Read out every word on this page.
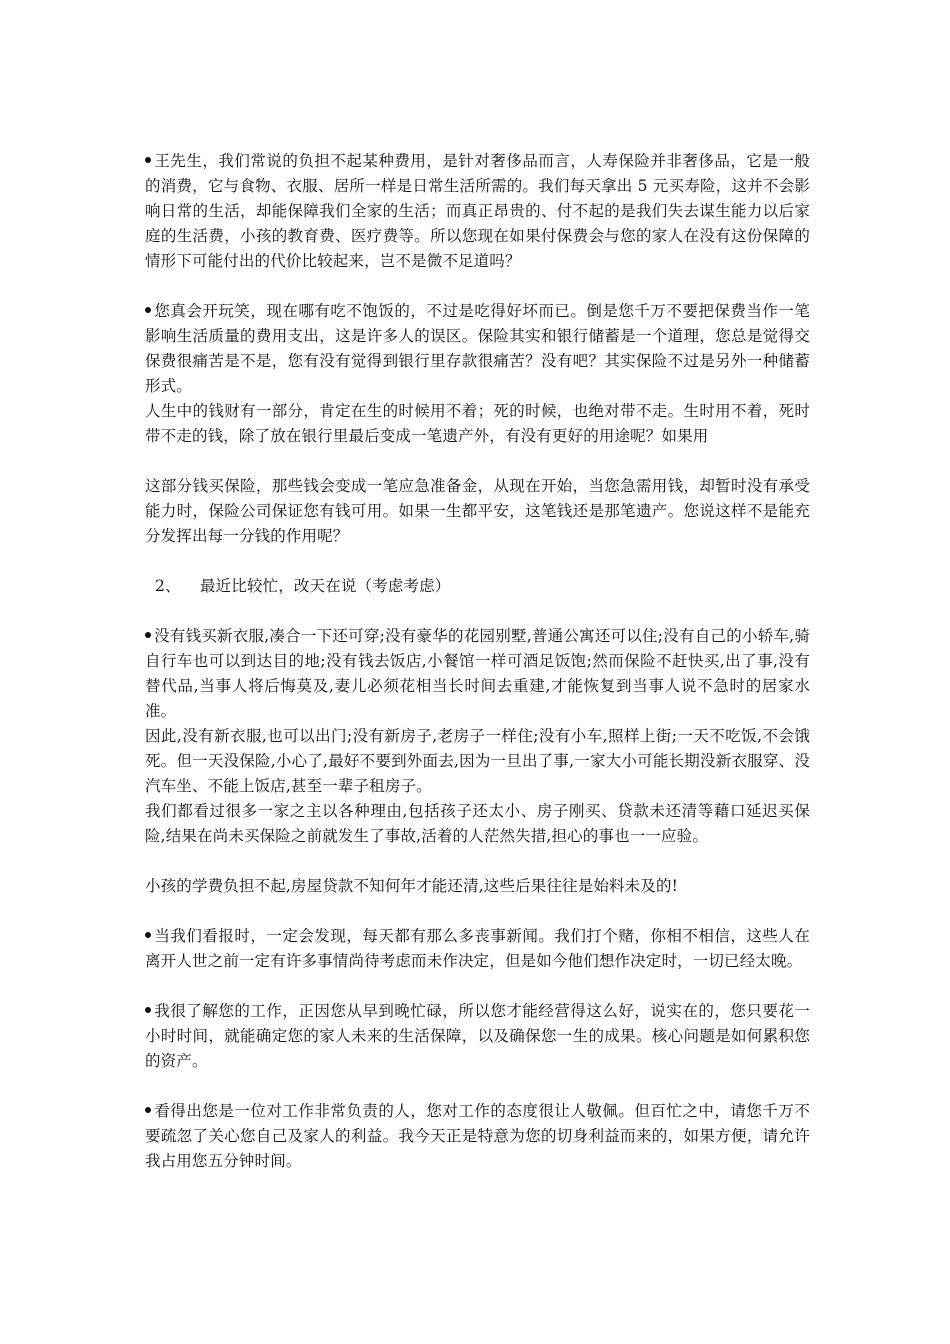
王先生，我们常说的负担不起某种费用，是针对奢侈品而言，人寿保险并非奢侈品，它是一般的消费，它与食物、衣服、居所一样是日常生活所需的。我们每天拿出 5 元买寿险，这并不会影响日常的生活，却能保障我们全家的生活；而真正昂贵的、付不起的是我们失去谋生能力以后家庭的生活费，小孩的教育费、医疗费等。所以您现在如果付保费会与您的家人在没有这份保障的情形下可能付出的代价比较起来，岂不是微不足道吗？

您真会开玩笑，现在哪有吃不饱饭的，不过是吃得好坏而已。倒是您千万不要把保费当作一笔影响生活质量的费用支出，这是许多人的误区。保险其实和银行储蓄是一个道理，您总是觉得交保费很痛苦是不是，您有没有觉得到银行里存款很痛苦？没有吧？其实保险不过是另外一种储蓄形式。

人生中的钱财有一部分，肯定在生的时候用不着；死的时候，也绝对带不走。生时用不着，死时带不走的钱，除了放在银行里最后变成一笔遗产外，有没有更好的用途呢？如果用

这部分钱买保险，那些钱会变成一笔应急准备金，从现在开始，当您急需用钱，却暂时没有承受能力时，保险公司保证您有钱可用。如果一生都平安，这笔钱还是那笔遗产。您说这样不是能充分发挥出每一分钱的作用呢？

2、 最近比较忙，改天在说（考虑考虑）

没有钱买新衣服,凑合一下还可穿;没有豪华的花园别墅,普通公寓还可以住;没有自己的小轿车,骑自行车也可以到达目的地;没有钱去饭店,小餐馆一样可酒足饭饱;然而保险不赶快买,出了事,没有替代品,当事人将后悔莫及,妻儿必须花相当长时间去重建,才能恢复到当事人说不急时的居家水准。

因此,没有新衣服,也可以出门;没有新房子,老房子一样住;没有小车,照样上街;一天不吃饭,不会饿死。但一天没保险,小心了,最好不要到外面去,因为一旦出了事,一家大小可能长期没新衣服穿、没汽车坐、不能上饭店,甚至一辈子租房子。

我们都看过很多一家之主以各种理由,包括孩子还太小、房子刚买、贷款未还清等藉口延迟买保险,结果在尚未买保险之前就发生了事故,活着的人茫然失措,担心的事也一一应验。

小孩的学费负担不起,房屋贷款不知何年才能还清,这些后果往往是始料未及的!

当我们看报时，一定会发现，每天都有那么多丧事新闻。我们打个赌，你相不相信，这些人在离开人世之前一定有许多事情尚待考虑而未作决定，但是如今他们想作决定时，一切已经太晚。

我很了解您的工作，正因您从早到晚忙碌，所以您才能经营得这么好，说实在的，您只要花一小时时间，就能确定您的家人未来的生活保障，以及确保您一生的成果。核心问题是如何累积您的资产。

看得出您是一位对工作非常负责的人，您对工作的态度很让人敬佩。但百忙之中，请您千万不要疏忽了关心您自己及家人的利益。我今天正是特意为您的切身利益而来的，如果方便，请允许我占用您五分钟时间。
